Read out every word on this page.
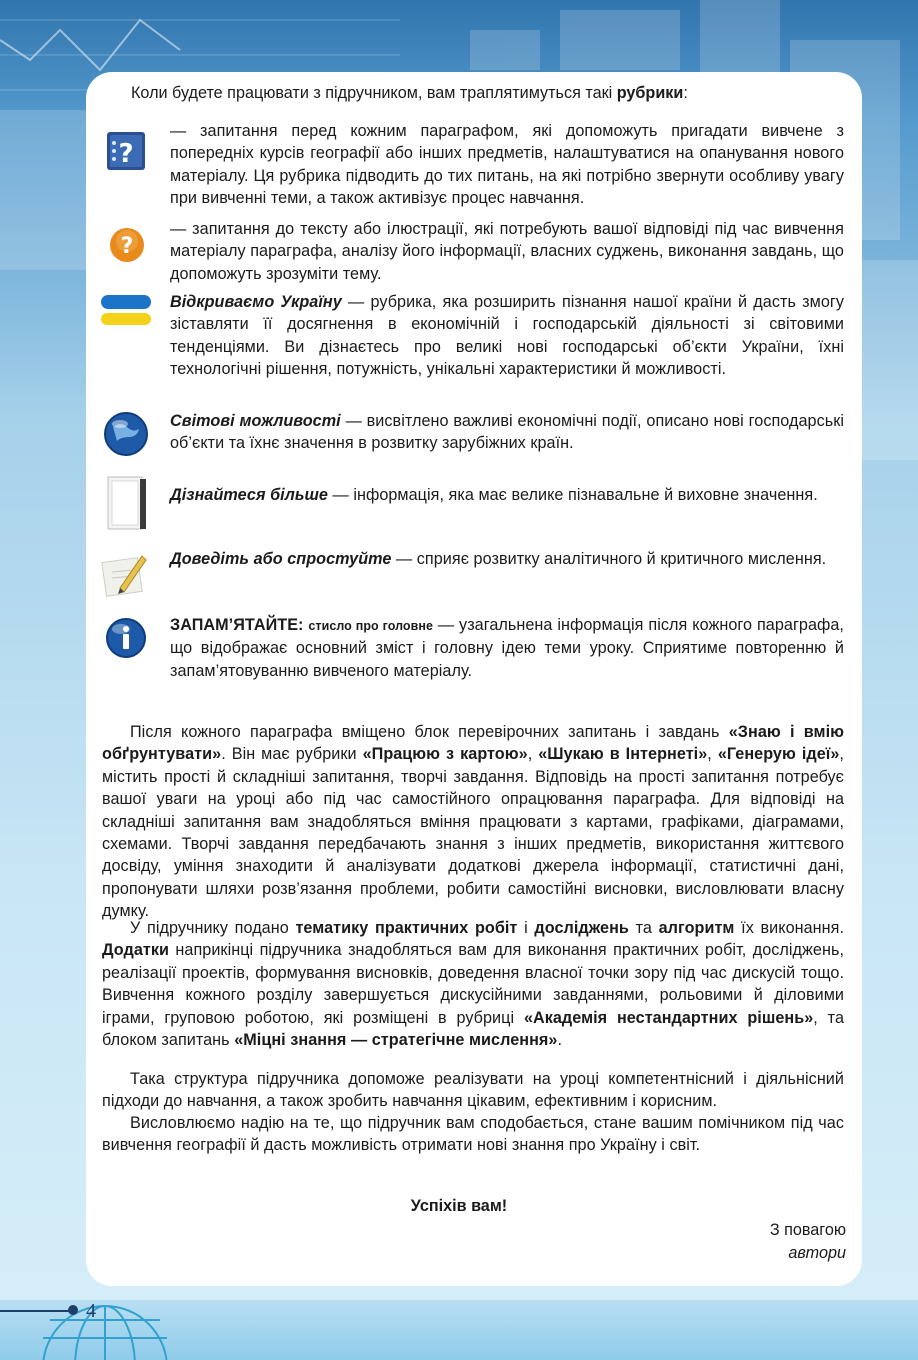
Коли будете працювати з підручником, вам траплятимуться такі рубрики:
?
— запитання перед кожним параграфом, які допоможуть пригадати вивчене з попередніх курсів географії або інших предметів, налаштуватися на опанування нового матеріалу. Ця рубрика підводить до тих питань, на які потрібно звернути особливу увагу при вивченні теми, а також активізує процес навчання.
?
— запитання до тексту або ілюстрації, які потребують вашої відповіді під час вивчення матеріалу параграфа, аналізу його інформації, власних суджень, виконання завдань, що допоможуть зрозуміти тему.
Відкриваємо Україну — рубрика, яка розширить пізнання нашої країни й дасть змогу зіставляти її досягнення в економічній і господарській діяльності зі світовими тенденціями. Ви дізнаєтесь про великі нові господарські об’єкти України, їхні технологічні рішення, потужність, унікальні характеристики й можливості.
Світові можливості — висвітлено важливі економічні події, описано нові господарські об’єкти та їхнє значення в розвитку зарубіжних країн.
Дізнайтеся більше — інформація, яка має велике пізнавальне й виховне значення.
Доведіть або спростуйте — сприяє розвитку аналітичного й критичного мислення.
ЗАПАМ’ЯТАЙТЕ: стисло про головне — узагальнена інформація після кожного параграфа, що відображає основний зміст і головну ідею теми уроку. Сприятиме повторенню й запам’ятовуванню вивченого матеріалу.
Після кожного параграфа вміщено блок перевірочних запитань і завдань «Знаю і вмію обґрунтувати». Він має рубрики «Працюю з картою», «Шукаю в Інтернеті», «Генерую ідеї», містить прості й складніші запитання, творчі завдання. Відповідь на прості запитання потребує вашої уваги на уроці або під час самостійного опрацювання параграфа. Для відповіді на складніші запитання вам знадобляться вміння працювати з картами, графіками, діаграмами, схемами. Творчі завдання передбачають знання з інших предметів, використання життєвого досвіду, уміння знаходити й аналізувати додаткові джерела інформації, статистичні дані, пропонувати шляхи розв’язання проблеми, робити самостійні висновки, висловлювати власну думку.
У підручнику подано тематику практичних робіт і досліджень та алгоритм їх виконання. Додатки наприкінці підручника знадобляться вам для виконання практичних робіт, досліджень, реалізації проектів, формування висновків, доведення власної точки зору під час дискусій тощо. Вивчення кожного розділу завершується дискусійними завданнями, рольовими й діловими іграми, груповою роботою, які розміщені в рубриці «Академія нестандартних рішень», та блоком запитань «Міцні знання — стратегічне мислення».
Така структура підручника допоможе реалізувати на уроці компетентнісний і діяльнісний підходи до навчання, а також зробить навчання цікавим, ефективним і корисним.
Висловлюємо надію на те, що підручник вам сподобається, стане вашим помічником під час вивчення географії й дасть можливість отримати нові знання про Україну і світ.
Успіхів вам!
З повагою
автори
4
